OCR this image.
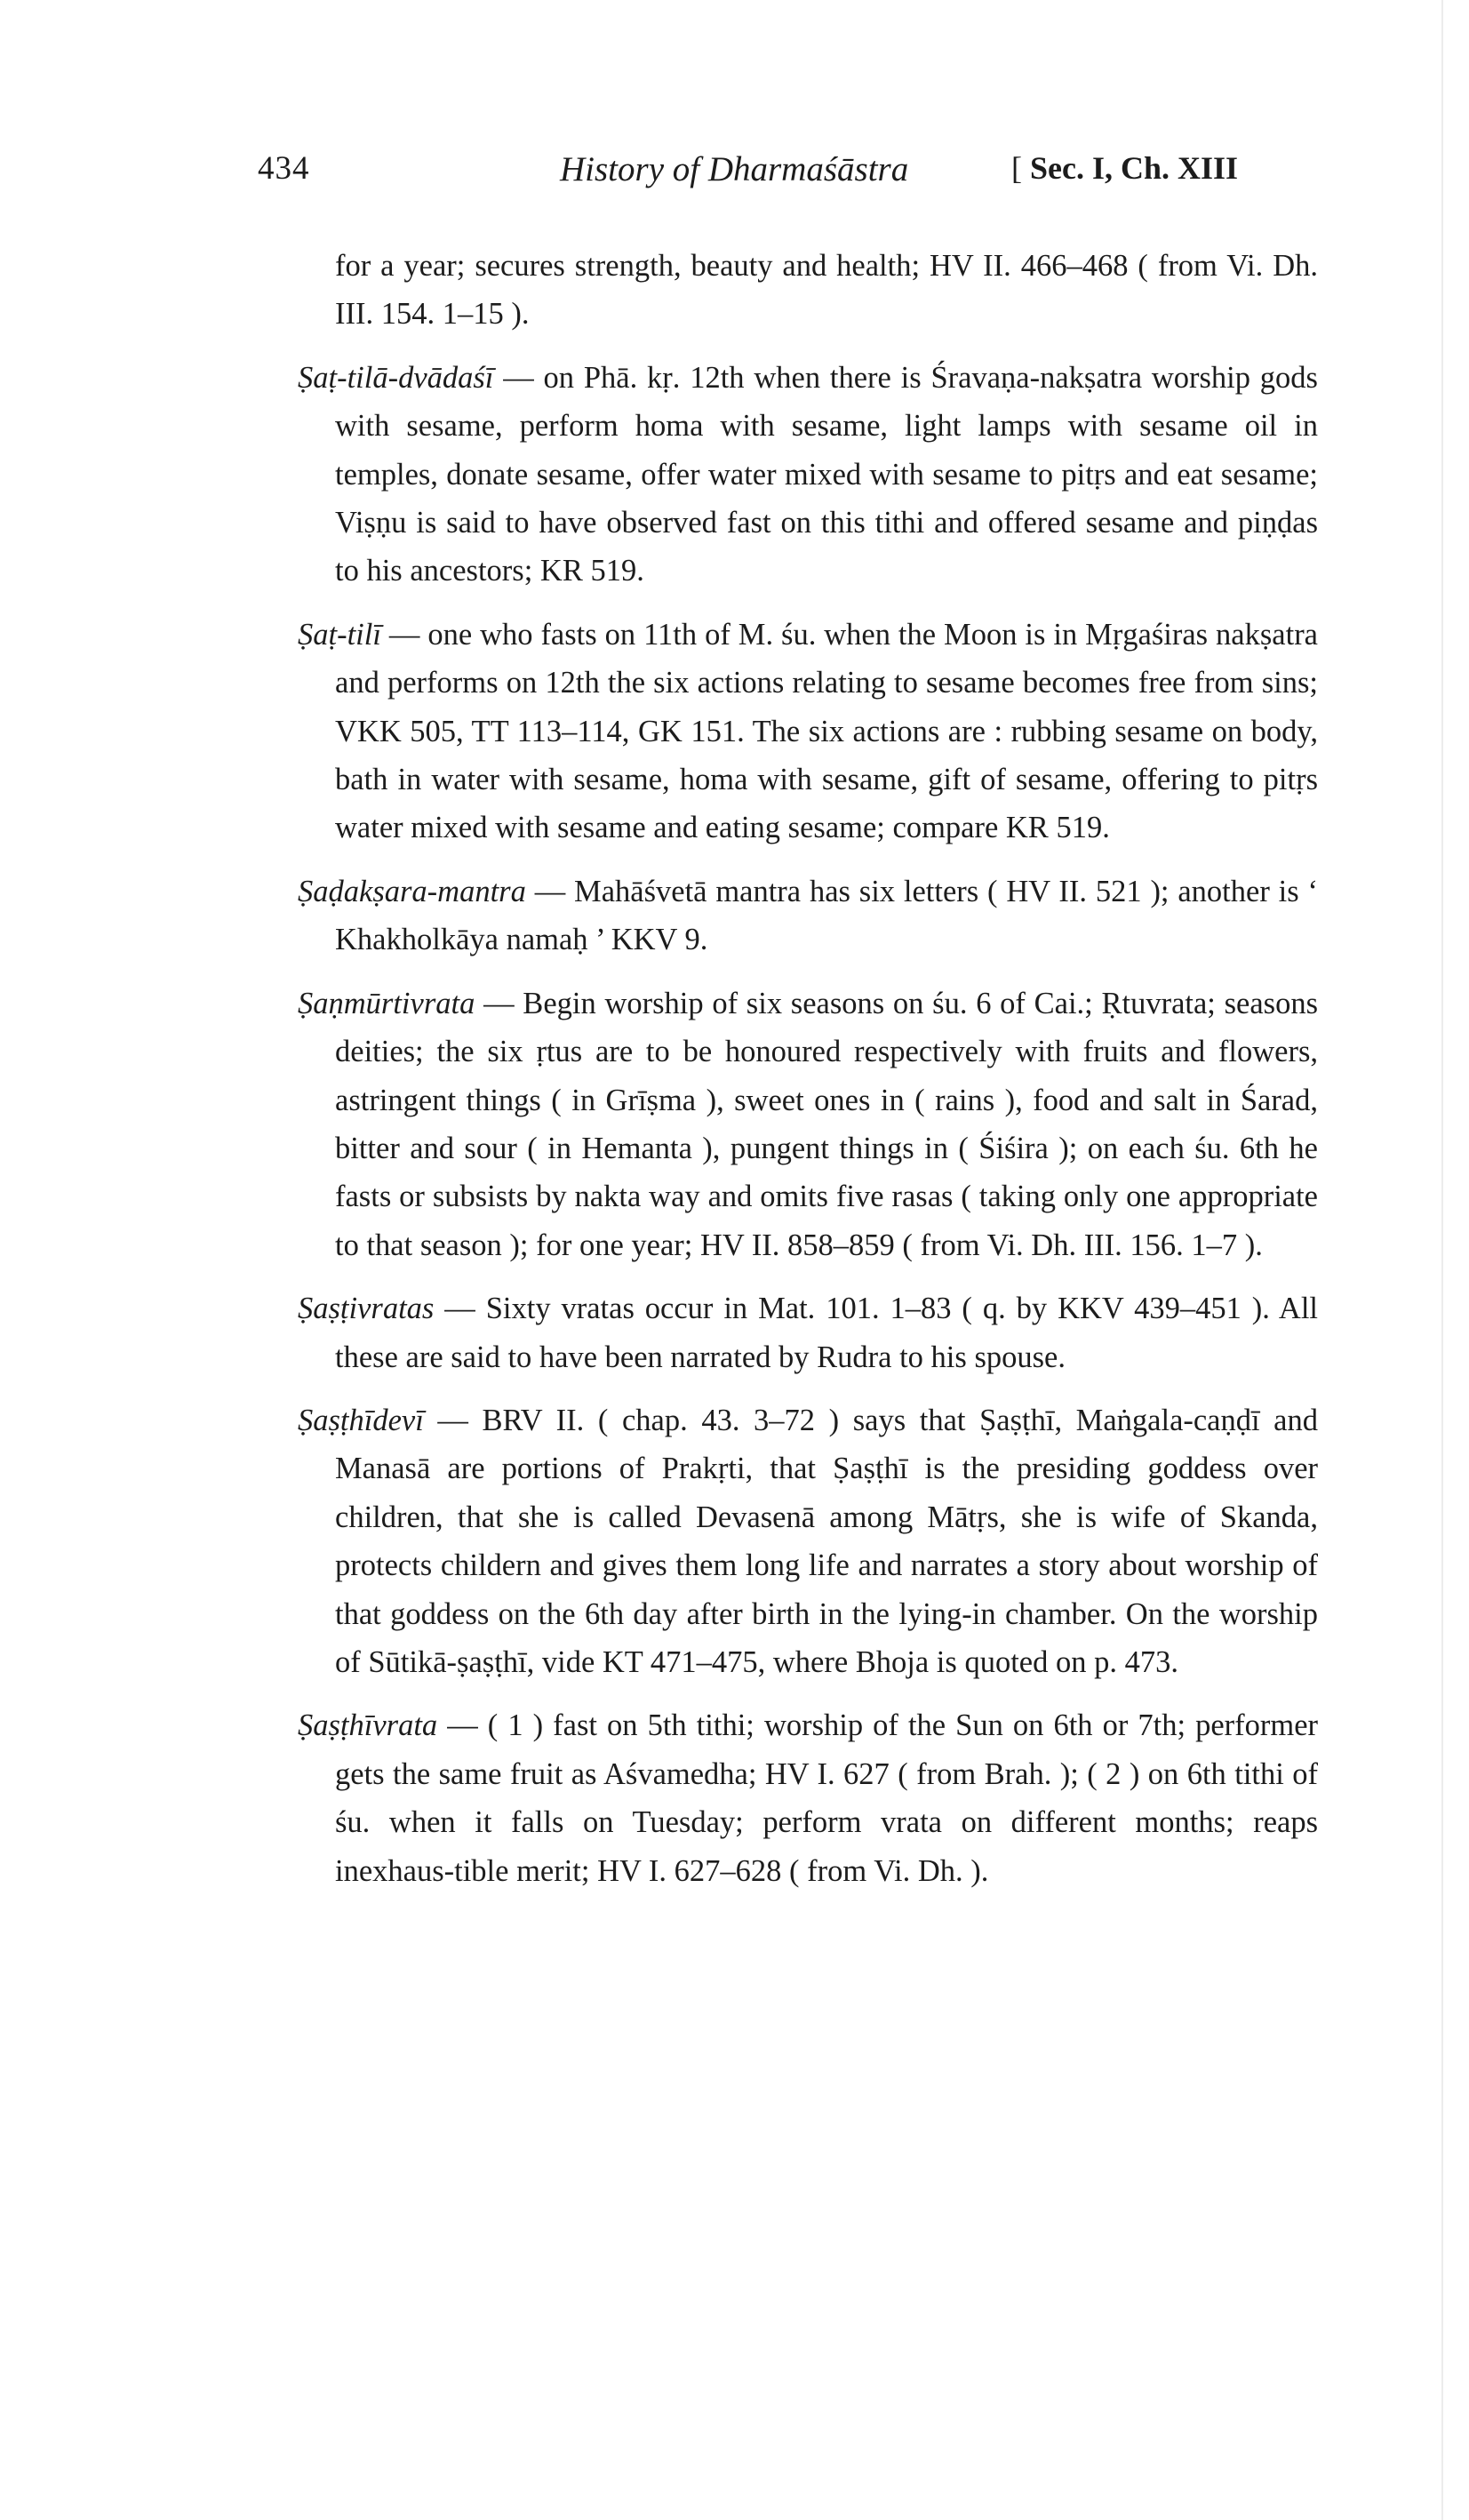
434	History of Dharmaśāstra	[ Sec. I, Ch. XIII

for a year; secures strength, beauty and health; HV II. 466–468 ( from Vi. Dh. III. 154. 1–15 ).

Ṣaṭ-tilā-dvādaśī — on Phā. kṛ. 12th when there is Śravaṇa-nakṣatra worship gods with sesame, perform homa with sesame, light lamps with sesame oil in temples, donate sesame, offer water mixed with sesame to pitṛs and eat sesame; Viṣṇu is said to have observed fast on this tithi and offered sesame and piṇḍas to his ancestors; KR 519.

Ṣaṭ-tilī — one who fasts on 11th of M. śu. when the Moon is in Mṛgaśiras nakṣatra and performs on 12th the six actions relating to sesame becomes free from sins; VKK 505, TT 113–114, GK 151. The six actions are : rubbing sesame on body, bath in water with sesame, homa with sesame, gift of sesame, offering to pitṛs water mixed with sesame and eating sesame; compare KR 519.

Ṣaḍakṣara-mantra — Mahāśvetā mantra has six letters ( HV II. 521 ); another is ‘ Khakholkāya namaḥ ’ KKV 9.

Ṣaṇmūrtivrata — Begin worship of six seasons on śu. 6 of Cai.; Ṛtuvrata; seasons deities; the six ṛtus are to be honoured respectively with fruits and flowers, astringent things ( in Grīṣma ), sweet ones in ( rains ), food and salt in Śarad, bitter and sour ( in Hemanta ), pungent things in ( Śiśira ); on each śu. 6th he fasts or subsists by nakta way and omits five rasas ( taking only one appropriate to that season ); for one year; HV II. 858–859 ( from Vi. Dh. III. 156. 1–7 ).

Ṣaṣṭivratas — Sixty vratas occur in Mat. 101. 1–83 ( q. by KKV 439–451 ). All these are said to have been narrated by Rudra to his spouse.

Ṣaṣṭhīdevī — BRV II. ( chap. 43. 3–72 ) says that Ṣaṣṭhī, Maṅgala-caṇḍī and Manasā are portions of Prakṛti, that Ṣaṣṭhī is the presiding goddess over children, that she is called Devasenā among Mātṛs, she is wife of Skanda, protects childern and gives them long life and narrates a story about worship of that goddess on the 6th day after birth in the lying-in chamber. On the worship of Sūtikā-ṣaṣṭhī, vide KT 471–475, where Bhoja is quoted on p. 473.

Ṣaṣṭhīvrata — ( 1 ) fast on 5th tithi; worship of the Sun on 6th or 7th; performer gets the same fruit as Aśvamedha; HV I. 627 ( from Brah. ); ( 2 ) on 6th tithi of śu. when it falls on Tuesday; perform vrata on different months; reaps inexhaus-tible merit; HV I. 627–628 ( from Vi. Dh. ).
